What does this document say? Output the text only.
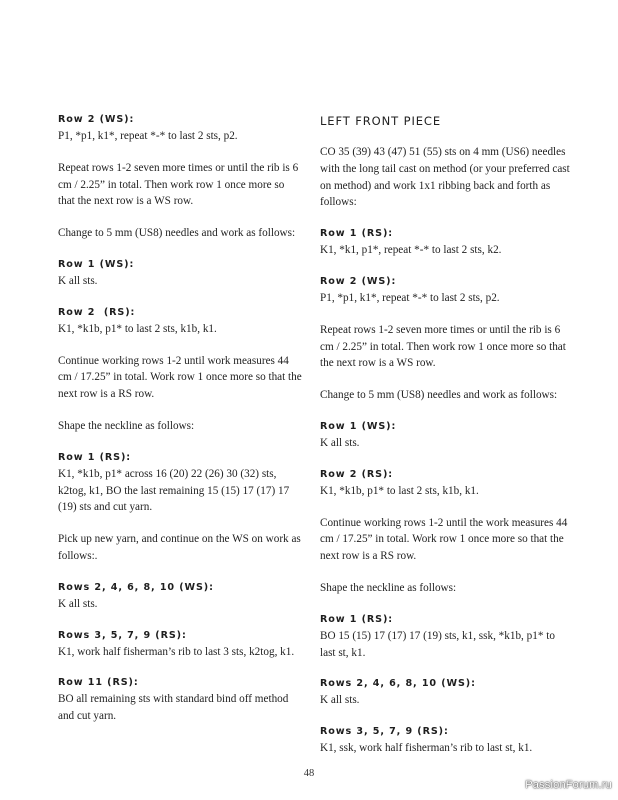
Row 2 (WS):
P1, *p1, k1*, repeat *-* to last 2 sts, p2.
Repeat rows 1-2 seven more times or until the rib is 6 cm / 2.25” in total. Then work row 1 once more so that the next row is a WS row.
Change to 5 mm (US8) needles and work as follows:
Row 1 (WS):
K all sts.
Row 2  (RS):
K1, *k1b, p1* to last 2 sts, k1b, k1.
Continue working rows 1-2 until work measures 44 cm / 17.25” in total. Work row 1 once more so that the next row is a RS row.
Shape the neckline as follows:
Row 1 (RS):
K1, *k1b, p1* across 16 (20) 22 (26) 30 (32) sts, k2tog, k1, BO the last remaining 15 (15) 17 (17) 17 (19) sts and cut yarn.
Pick up new yarn, and continue on the WS on work as follows:.
Rows 2, 4, 6, 8, 10 (WS):
K all sts.
Rows 3, 5, 7, 9 (RS):
K1, work half fisherman’s rib to last 3 sts, k2tog, k1.
Row 11 (RS):
BO all remaining sts with standard bind off method and cut yarn.
LEFT FRONT PIECE
CO 35 (39) 43 (47) 51 (55) sts on 4 mm (US6) needles with the long tail cast on method (or your preferred cast on method) and work 1x1 ribbing back and forth as follows:
Row 1 (RS):
K1, *k1, p1*, repeat *-* to last 2 sts, k2.
Row 2 (WS):
P1, *p1, k1*, repeat *-* to last 2 sts, p2.
Repeat rows 1-2 seven more times or until the rib is 6 cm / 2.25” in total. Then work row 1 once more so that the next row is a WS row.
Change to 5 mm (US8) needles and work as follows:
Row 1 (WS):
K all sts.
Row 2 (RS):
K1, *k1b, p1* to last 2 sts, k1b, k1.
Continue working rows 1-2 until the work measures 44 cm / 17.25” in total. Work row 1 once more so that the next row is a RS row.
Shape the neckline as follows:
Row 1 (RS):
BO 15 (15) 17 (17) 17 (19) sts, k1, ssk, *k1b, p1* to last st, k1.
Rows 2, 4, 6, 8, 10 (WS):
K all sts.
Rows 3, 5, 7, 9 (RS):
K1, ssk, work half fisherman’s rib to last st, k1.
48
PassionForum.ru
